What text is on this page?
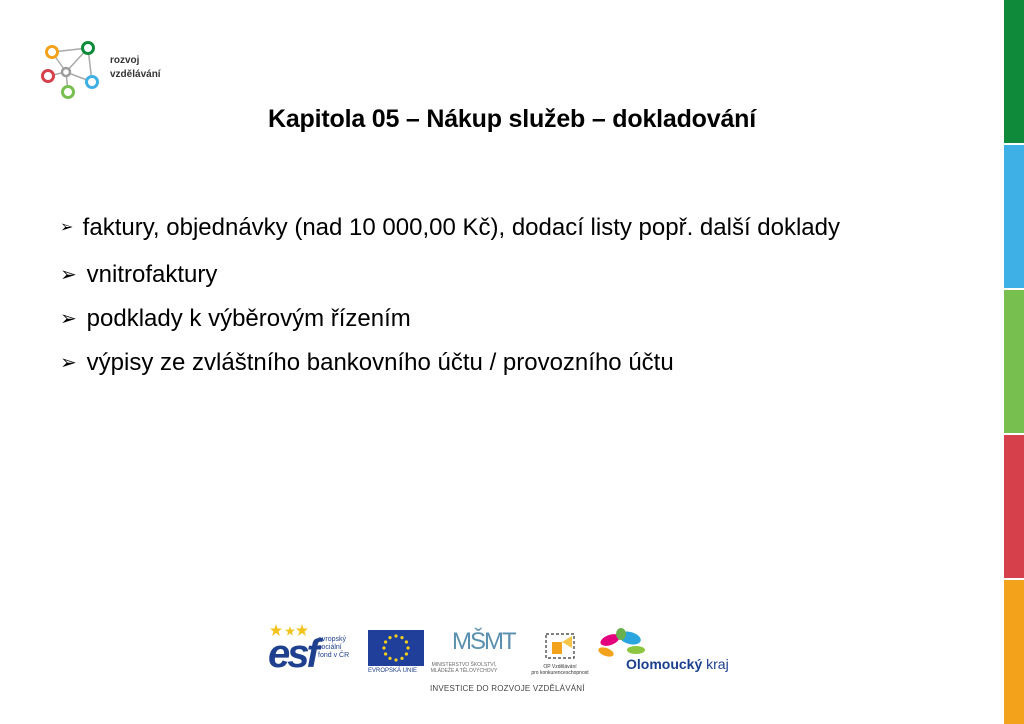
rozvoj
vzdělávání
Kapitola 05 – Nákup služeb – dokladování
➢ faktury, objednávky (nad 10 000,00 Kč), dodací listy popř. další doklady
➢ vnitrofaktury
➢ podklady k výběrovým řízením
➢ výpisy ze zvláštního bankovního účtu / provozního účtu
esf evropský
sociální
fond v ČR
EVROPSKÁ UNIE
MŠMT
MINISTERSTVO ŠKOLSTVÍ,
MLÁDEŽE A TĚLOVÝCHOVY
OP Vzdělávání
pro konkurenceschopnost
Olomoucký kraj
INVESTICE DO ROZVOJE VZDĚLÁVÁNÍ
